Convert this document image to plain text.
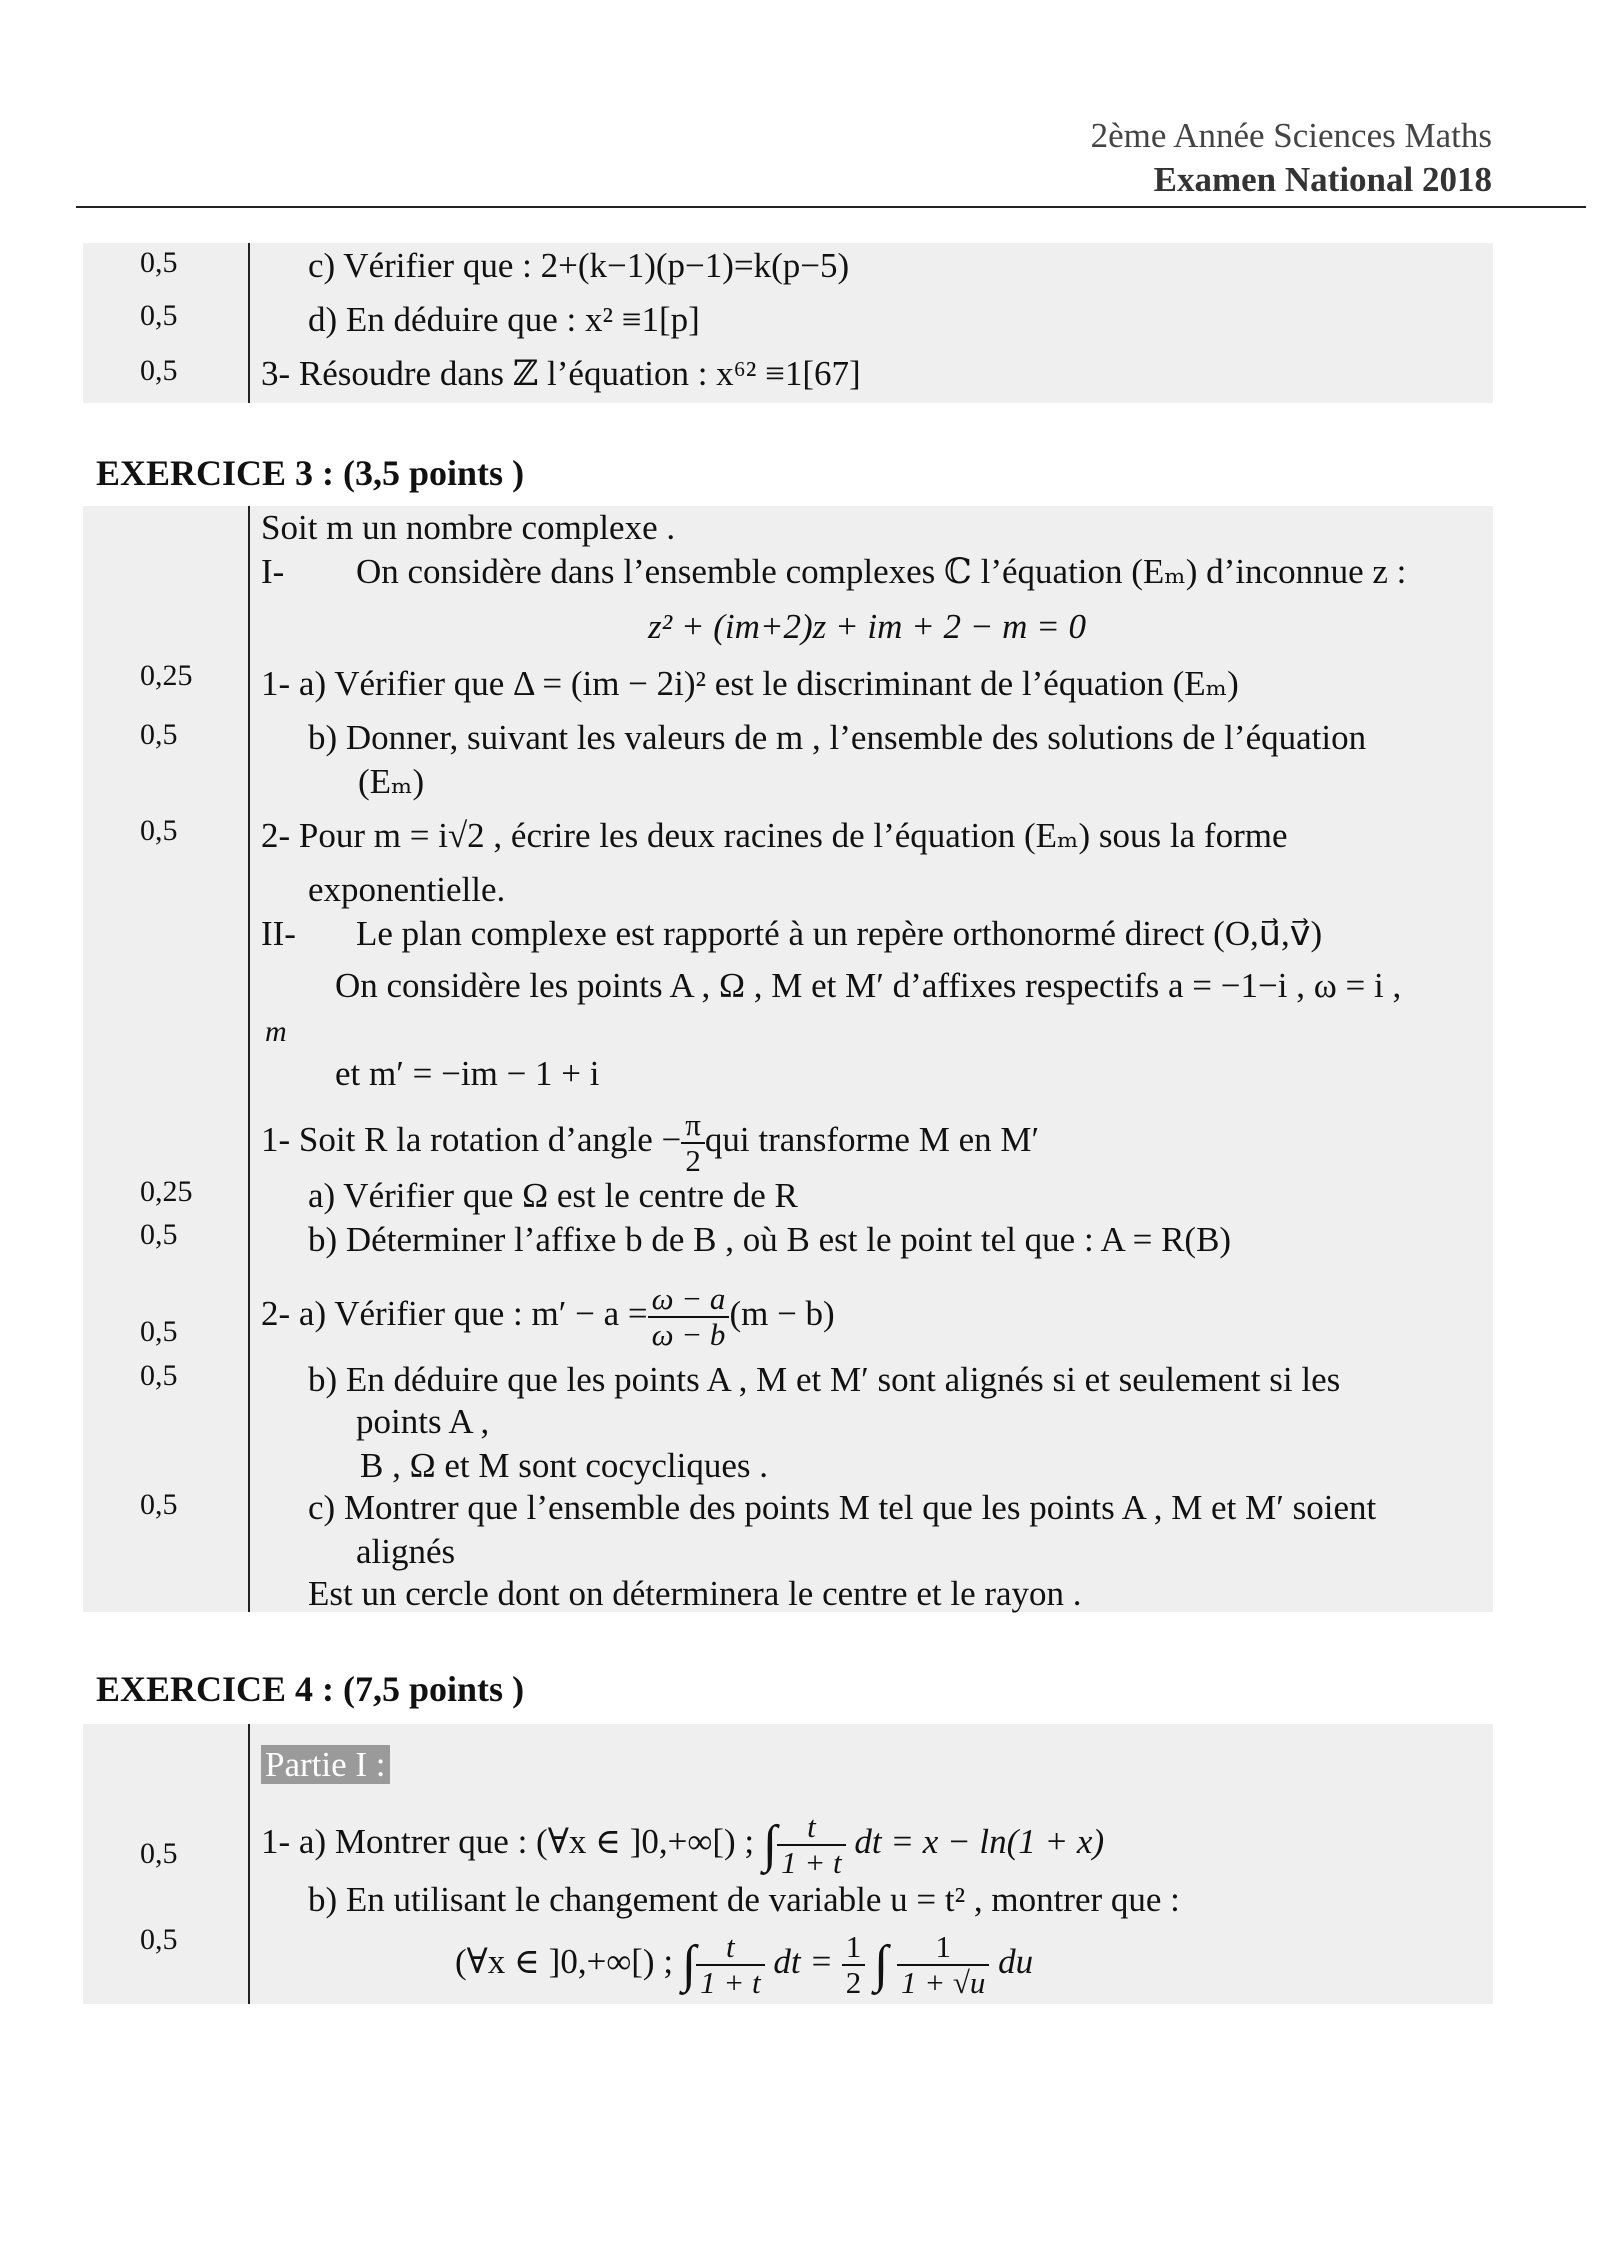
2ème Année Sciences Maths
Examen National 2018
0,5
0,5
0,5
c) Vérifier que : 2+(k−1)(p−1)=k(p−5)
d) En déduire que : x² ≡1[p]
3- Résoudre dans ℤ l’équation : x⁶² ≡1[67]
EXERCICE 3 : (3,5 points )
0,25
0,5
0,5
0,25
0,5
0,5
0,5
0,5
Soit m un nombre complexe .
I- On considère dans l’ensemble complexes ℂ l’équation (Eₘ) d’inconnue z :
z² + (im+2)z + im + 2 − m = 0
1- a) Vérifier que Δ = (im − 2i)² est le discriminant de l’équation (Eₘ)
b) Donner, suivant les valeurs de m , l’ensemble des solutions de l’équation
(Eₘ)
2- Pour m = i√2 , écrire les deux racines de l’équation (Eₘ) sous la forme
exponentielle.
II- Le plan complexe est rapporté à un repère orthonormé direct (O,u⃗,v⃗)
On considère les points A , Ω , M et M′ d’affixes respectifs a = −1−i , ω = i ,
m
et m′ = −im − 1 + i
1- Soit R la rotation d’angle − $\frac{\pi}{2}$ qui transforme M en M′
a) Vérifier que Ω est le centre de R
b) Déterminer l’affixe b de B , où B est le point tel que : A = R(B)
2- a) Vérifier que : $m' - a = \frac{\omega - a}{\omega - b} (m - b)$
b) En déduire que les points A , M et M′ sont alignés si et seulement si les
points A ,
B , Ω et M sont cocycliques .
c) Montrer que l’ensemble des points M tel que les points A , M et M′ soient
alignés
Est un cercle dont on déterminera le centre et le rayon .
EXERCICE 4 : (7,5 points )
0,5
0,5
Partie I :
1- a) Montrer que : (∀x ∈ ]0,+∞[) ; ∫ $\frac{t}{1 + t}$ dt = x − ln(1 + x)
b) En utilisant le changement de variable u = t² , montrer que :
(∀x ∈ ]0,+∞[) ; ∫ $\frac{t}{1 + t}$ dt = $\frac{1}{2}$ ∫ $\frac{1}{1 + √u}$ du
